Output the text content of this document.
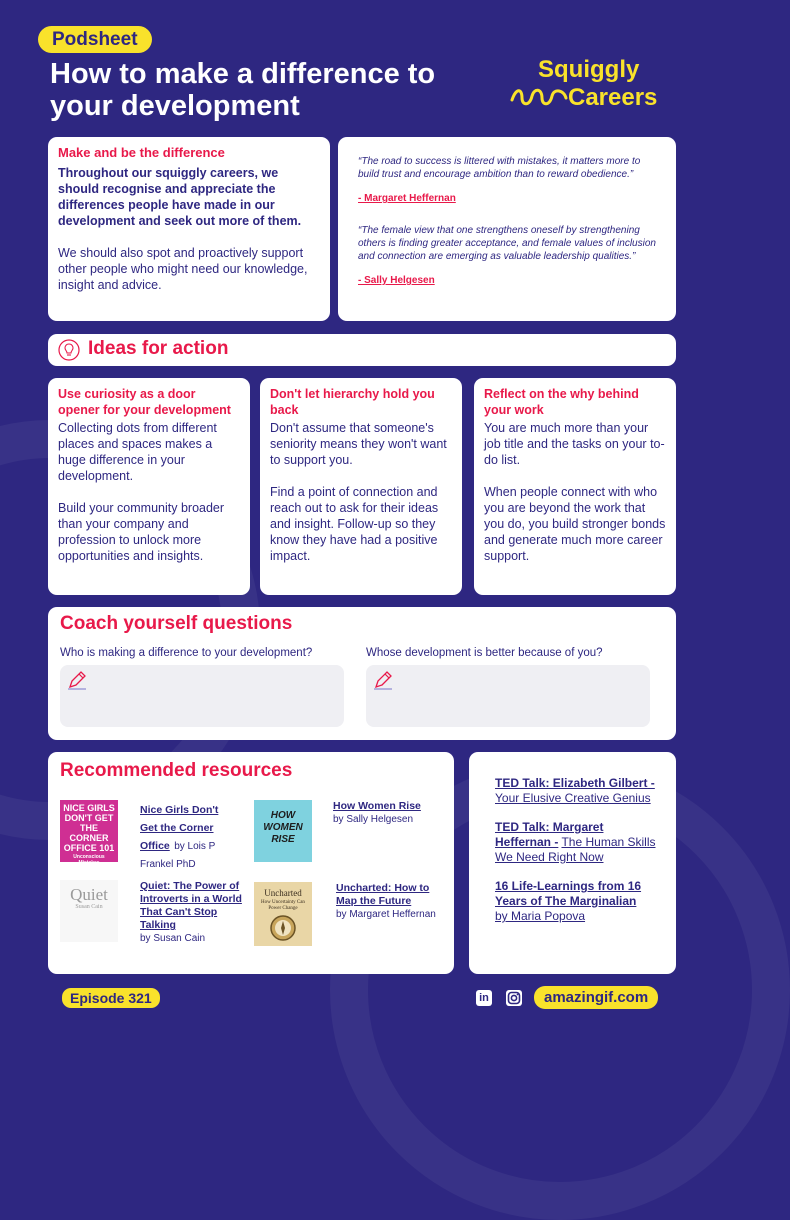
Podsheet
How to make a difference to your development
Squiggly
Careers
Make and be the difference
Throughout our squiggly careers, we should recognise and appreciate the differences people have made in our development and seek out more of them.
We should also spot and proactively support other people who might need our knowledge, insight and advice.
“The road to success is littered with mistakes, it matters more to build trust and encourage ambition than to reward obedience.”
- Margaret Heffernan
“The female view that one strengthens oneself by strengthening others is finding greater acceptance, and female values of inclusion and connection are emerging as valuable leadership qualities.”
- Sally Helgesen
Ideas for action
Use curiosity as a door opener for your development
Collecting dots from different places and spaces makes a huge difference in your development.
Build your community broader than your company and profession to unlock more opportunities and insights.
Don't let hierarchy hold you back
Don't assume that someone's seniority means they won't want to support you.
Find a point of connection and reach out to ask for their ideas and insight. Follow-up so they know they have had a positive impact.
Reflect on the why behind your work
You are much more than your job title and the tasks on your to-do list.
When people connect with who you are beyond the work that you do, you build stronger bonds and generate much more career support.
Coach yourself questions
Who is making a difference to your development?	Whose development is better because of you?
Recommended resources
NICE GIRLS DON'T GET THE CORNER OFFICE 101
Unconscious Mistakes
Nice Girls Don't Get the Corner Office by Lois P Frankel PhD
HOW WOMEN RISE
How Women Rise
by Sally Helgesen
Quiet
Susan Cain
Quiet: The Power of Introverts in a World That Can't Stop Talking
by Susan Cain
Uncharted
How Uncertainty Can Power Change
Uncharted: How to Map the Future
by Margaret Heffernan
TED Talk: Elizabeth Gilbert - Your Elusive Creative Genius
TED Talk: Margaret Heffernan - The Human Skills We Need Right Now
16 Life-Learnings from 16 Years of The Marginalian
by Maria Popova
Episode 321	in	amazingif.com
